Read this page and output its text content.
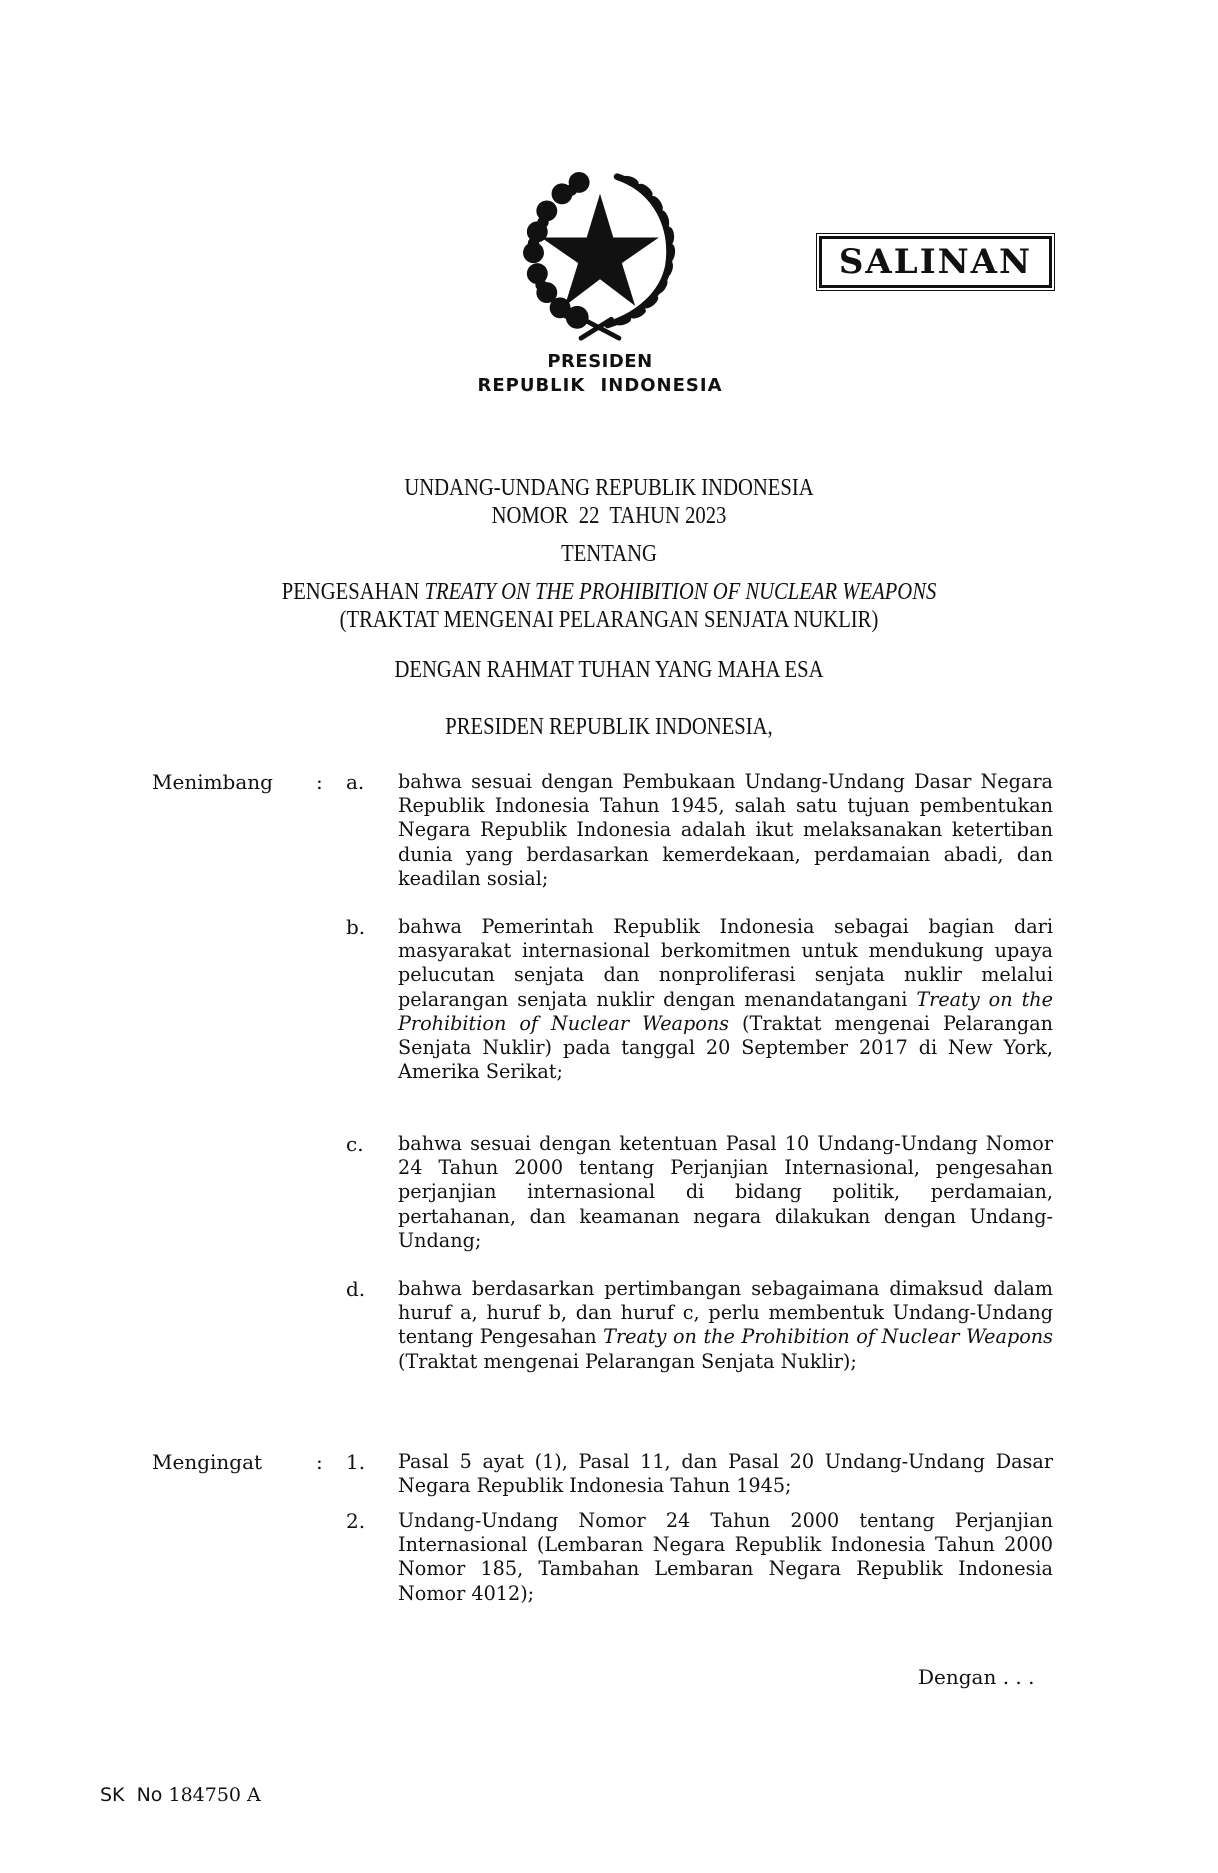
PRESIDEN
REPUBLIK INDONESIA
SALINAN
UNDANG-UNDANG REPUBLIK INDONESIA
NOMOR  22  TAHUN 2023
TENTANG
PENGESAHAN TREATY ON THE PROHIBITION OF NUCLEAR WEAPONS
(TRAKTAT MENGENAI PELARANGAN SENJATA NUKLIR)
DENGAN RAHMAT TUHAN YANG MAHA ESA
PRESIDEN REPUBLIK INDONESIA,
Menimbang : a. bahwa sesuai dengan Pembukaan Undang-Undang Dasar Negara Republik Indonesia Tahun 1945, salah satu tujuan pembentukan Negara Republik Indonesia adalah ikut melaksanakan ketertiban dunia yang berdasarkan kemerdekaan, perdamaian abadi, dan keadilan sosial;
b. bahwa Pemerintah Republik Indonesia sebagai bagian dari masyarakat internasional berkomitmen untuk mendukung upaya pelucutan senjata dan nonproliferasi senjata nuklir melalui pelarangan senjata nuklir dengan menandatangani Treaty on the Prohibition of Nuclear Weapons (Traktat mengenai Pelarangan Senjata Nuklir) pada tanggal 20 September 2017 di New York, Amerika Serikat;
c. bahwa sesuai dengan ketentuan Pasal 10 Undang-Undang Nomor 24 Tahun 2000 tentang Perjanjian Internasional, pengesahan perjanjian internasional di bidang politik, perdamaian, pertahanan, dan keamanan negara dilakukan dengan Undang-Undang;
d. bahwa berdasarkan pertimbangan sebagaimana dimaksud dalam huruf a, huruf b, dan huruf c, perlu membentuk Undang-Undang tentang Pengesahan Treaty on the Prohibition of Nuclear Weapons (Traktat mengenai Pelarangan Senjata Nuklir);
Mengingat	: 1. Pasal 5 ayat (1), Pasal 11, dan Pasal 20 Undang-Undang Dasar Negara Republik Indonesia Tahun 1945;
2. Undang-Undang Nomor 24 Tahun 2000 tentang Perjanjian Internasional (Lembaran Negara Republik Indonesia Tahun 2000 Nomor 185, Tambahan Lembaran Negara Republik Indonesia Nomor 4012);
Dengan . . .
SK  No 184750 A
